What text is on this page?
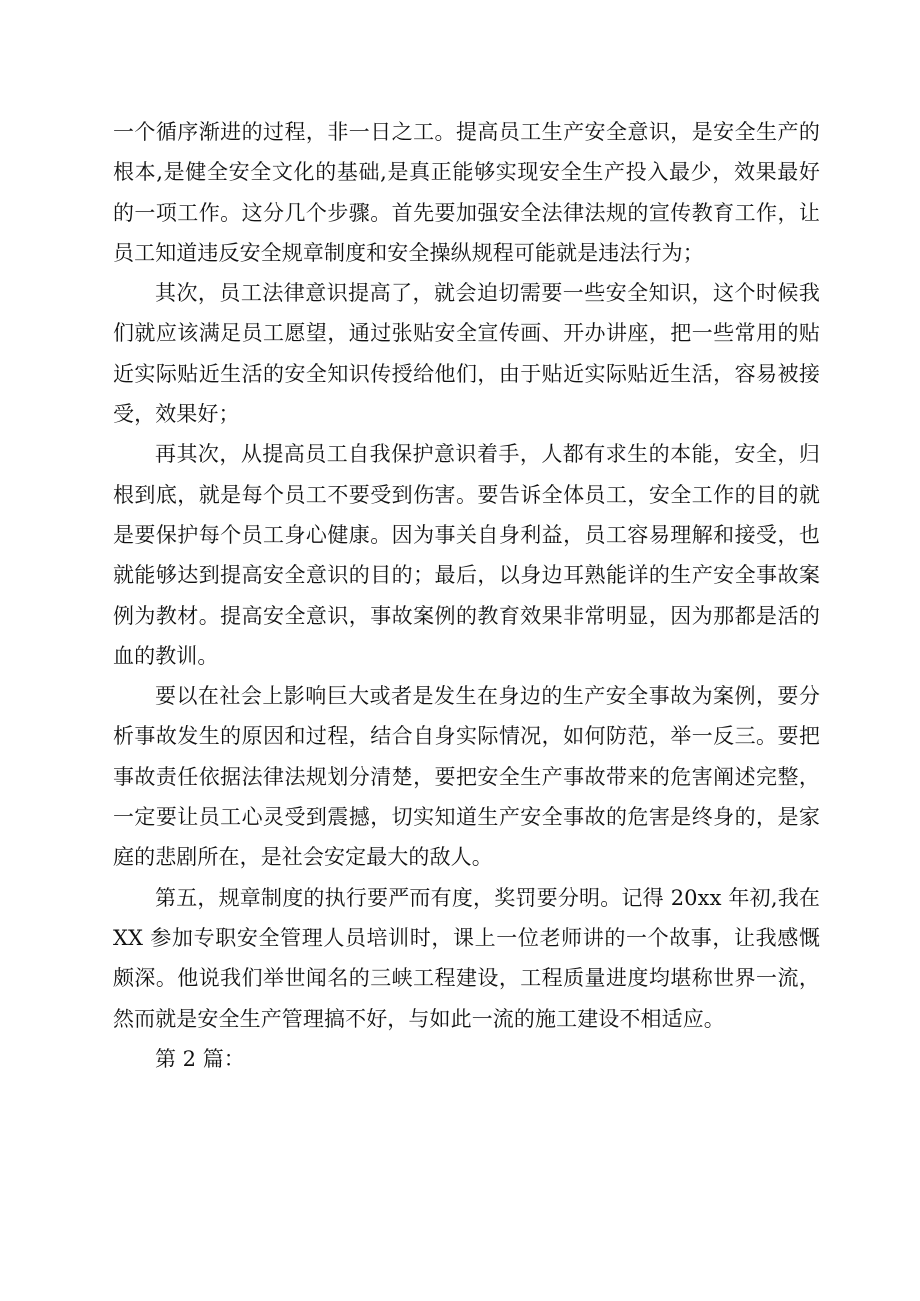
一个循序渐进的过程，非一日之工。提高员工生产安全意识，是安全生产的根本,是健全安全文化的基础,是真正能够实现安全生产投入最少，效果最好的一项工作。这分几个步骤。首先要加强安全法律法规的宣传教育工作，让员工知道违反安全规章制度和安全操纵规程可能就是违法行为；

其次，员工法律意识提高了，就会迫切需要一些安全知识，这个时候我们就应该满足员工愿望，通过张贴安全宣传画、开办讲座，把一些常用的贴近实际贴近生活的安全知识传授给他们，由于贴近实际贴近生活，容易被接受，效果好；

再其次，从提高员工自我保护意识着手，人都有求生的本能，安全，归根到底，就是每个员工不要受到伤害。要告诉全体员工，安全工作的目的就是要保护每个员工身心健康。因为事关自身利益，员工容易理解和接受，也就能够达到提高安全意识的目的；最后，以身边耳熟能详的生产安全事故案例为教材。提高安全意识，事故案例的教育效果非常明显，因为那都是活的血的教训。

要以在社会上影响巨大或者是发生在身边的生产安全事故为案例，要分析事故发生的原因和过程，结合自身实际情况，如何防范，举一反三。要把事故责任依据法律法规划分清楚，要把安全生产事故带来的危害阐述完整，一定要让员工心灵受到震撼，切实知道生产安全事故的危害是终身的，是家庭的悲剧所在，是社会安定最大的敌人。

第五，规章制度的执行要严而有度，奖罚要分明。记得 20xx 年初,我在 XX 参加专职安全管理人员培训时，课上一位老师讲的一个故事，让我感慨颇深。他说我们举世闻名的三峡工程建设，工程质量进度均堪称世界一流，然而就是安全生产管理搞不好，与如此一流的施工建设不相适应。

第 2 篇：
